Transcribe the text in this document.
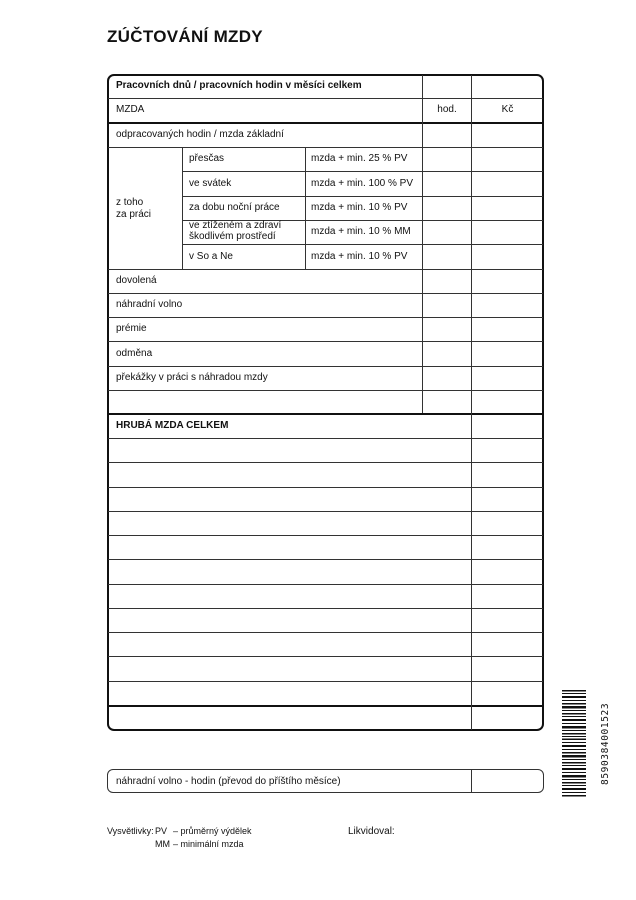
ZÚČTOVÁNÍ MZDY
Pracovních dnů / pracovních hodin v měsíci celkem
MZDA	hod.	Kč
odpracovaných hodin / mzda základní
z toho
za práci
přesčas	mzda + min. 25 % PV
ve svátek	mzda + min. 100 % PV
za dobu noční práce	mzda + min. 10 % PV
ve ztíženém a zdraví
škodlivém prostředí	mzda + min. 10 % MM
v So a Ne	mzda + min. 10 % PV
dovolená
náhradní volno
prémie
odměna
překážky v práci s náhradou mzdy
HRUBÁ MZDA CELKEM
náhradní volno - hodin (převod do příštího měsíce)	8590384001523
Vysvětlivky: PV – průměrný výdělek
MM – minimální mzda
Likvidoval:
